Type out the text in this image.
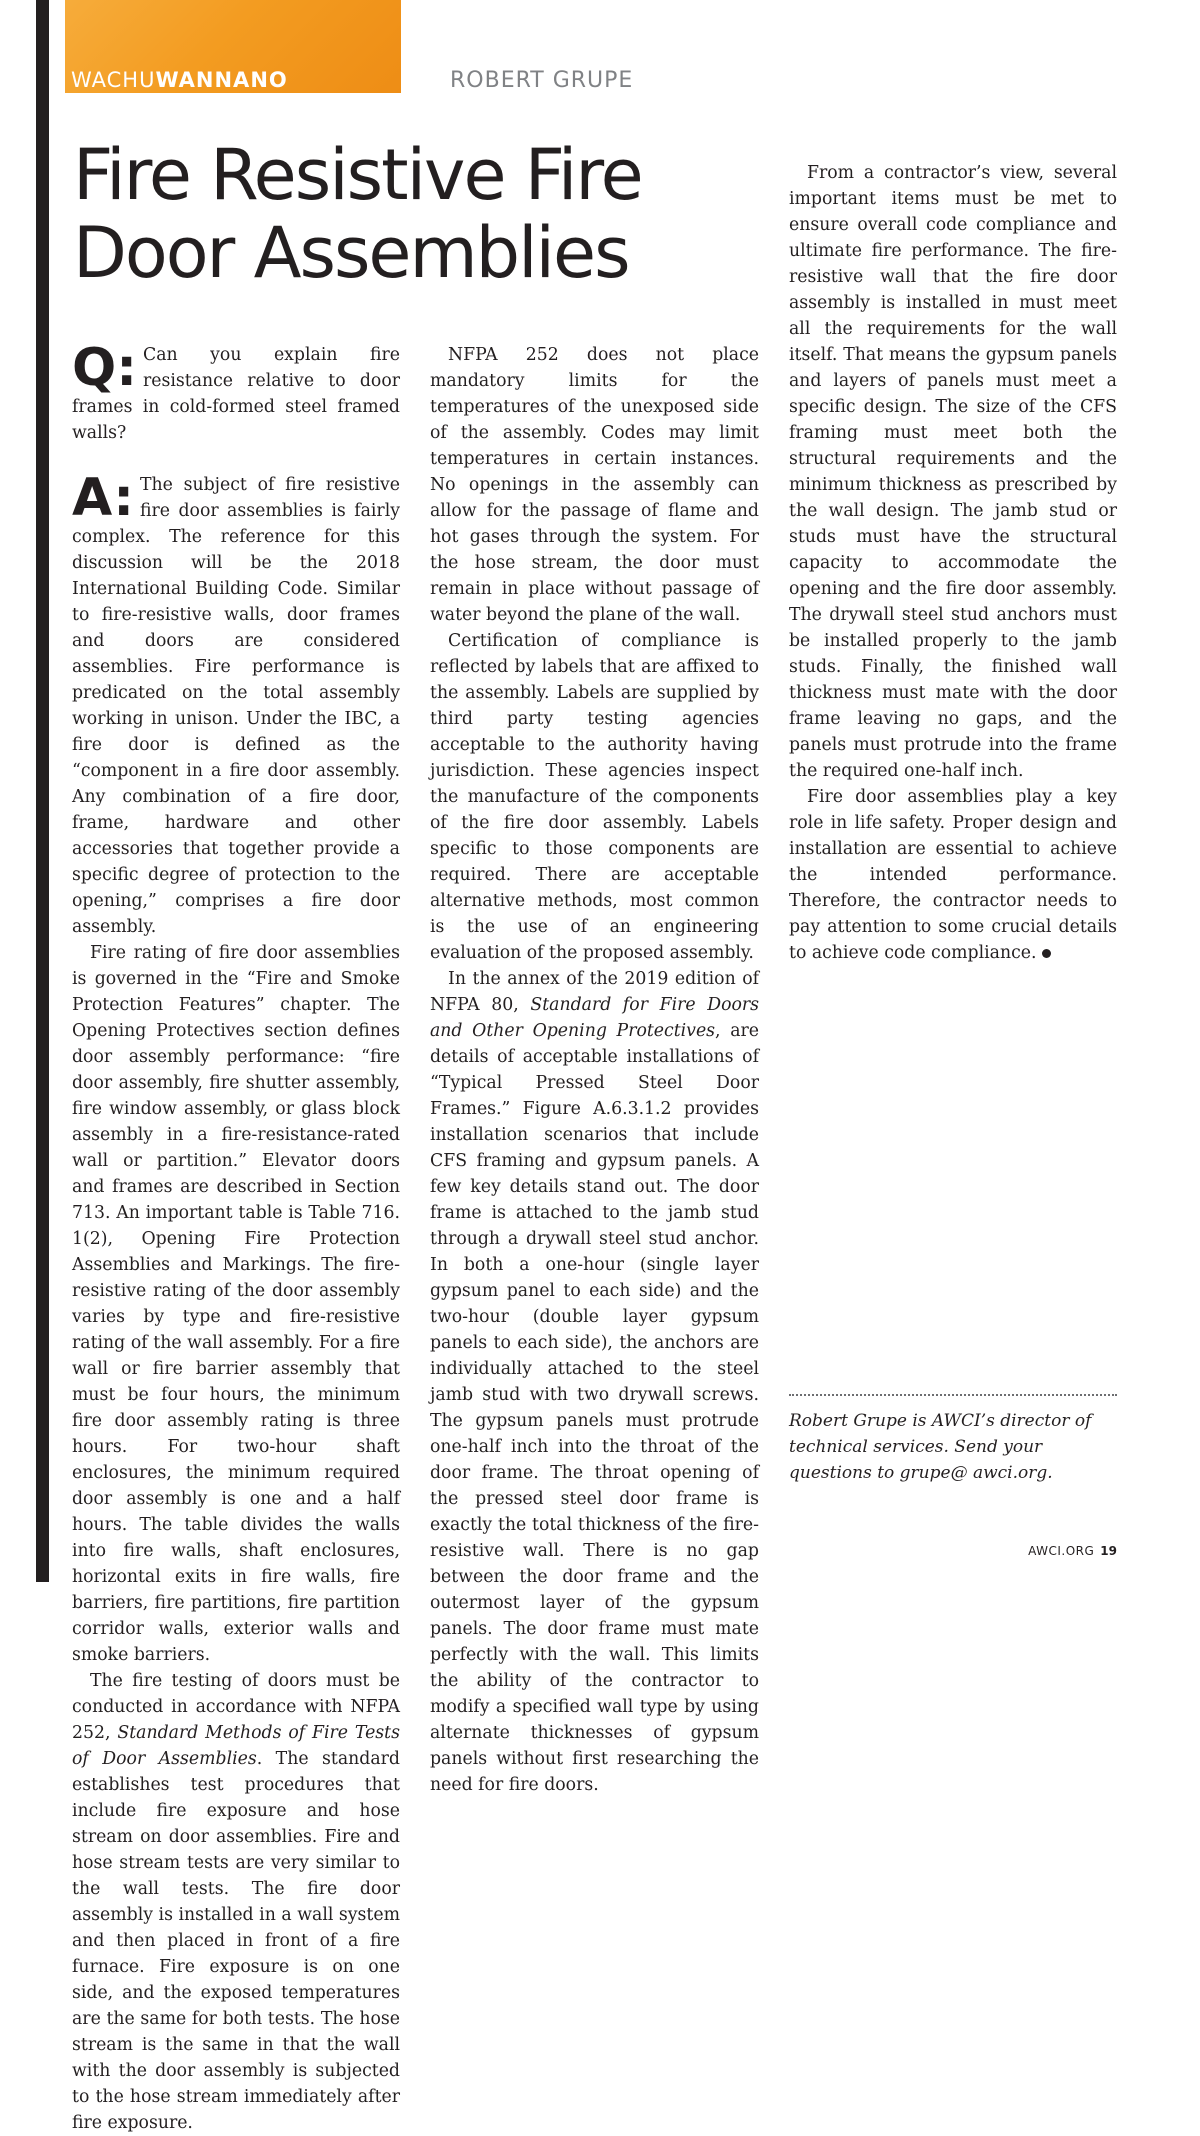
WACHUWANNANO	ROBERT GRUPE
Fire Resistive Fire Door Assemblies
Q: Can you explain fire resistance relative to door frames in cold-formed steel framed walls?

A: The subject of fire resistive fire door assemblies is fairly complex. The reference for this discussion will be the 2018 International Building Code. Similar to fire-resistive walls, door frames and doors are considered assemblies. Fire performance is predicated on the total assembly working in unison. Under the IBC, a fire door is defined as the “component in a fire door assembly. Any combination of a fire door, frame, hardware and other accessories that together provide a specific degree of protection to the opening,” comprises a fire door assembly.

Fire rating of fire door assemblies is governed in the “Fire and Smoke Protection Features” chapter. The Opening Protectives section defines door assembly performance: “fire door assembly, fire shutter assembly, fire window assembly, or glass block assembly in a fire-resistance-rated wall or partition.” Elevator doors and frames are described in Section 713. An important table is Table 716. 1(2), Opening Fire Protection Assemblies and Markings. The fire-resistive rating of the door assembly varies by type and fire-resistive rating of the wall assembly. For a fire wall or fire barrier assembly that must be four hours, the minimum fire door assembly rating is three hours. For two-hour shaft enclosures, the minimum required door assembly is one and a half hours. The table divides the walls into fire walls, shaft enclosures, horizontal exits in fire walls, fire barriers, fire partitions, fire partition corridor walls, exterior walls and smoke barriers.

The fire testing of doors must be conducted in accordance with NFPA 252, Standard Methods of Fire Tests of Door Assemblies. The standard establishes test procedures that include fire exposure and hose stream on door assemblies. Fire and hose stream tests are very similar to the wall tests. The fire door assembly is installed in a wall system and then placed in front of a fire furnace. Fire exposure is on one side, and the exposed temperatures are the same for both tests. The hose stream is the same in that the wall with the door assembly is subjected to the hose stream immediately after fire exposure.

NFPA 252 does not place mandatory limits for the temperatures of the unexposed side of the assembly. Codes may limit temperatures in certain instances. No openings in the assembly can allow for the passage of flame and hot gases through the system. For the hose stream, the door must remain in place without passage of water beyond the plane of the wall.

Certification of compliance is reflected by labels that are affixed to the assembly. Labels are supplied by third party testing agencies acceptable to the authority having jurisdiction. These agencies inspect the manufacture of the components of the fire door assembly. Labels specific to those components are required. There are acceptable alternative methods, most common is the use of an engineering evaluation of the proposed assembly.

In the annex of the 2019 edition of NFPA 80, Standard for Fire Doors and Other Opening Protectives, are details of acceptable installations of “Typical Pressed Steel Door Frames.” Figure A.6.3.1.2 provides installation scenarios that include CFS framing and gypsum panels. A few key details stand out. The door frame is attached to the jamb stud through a drywall steel stud anchor. In both a one-hour (single layer gypsum panel to each side) and the two-hour (double layer gypsum panels to each side), the anchors are individually attached to the steel jamb stud with two drywall screws. The gypsum panels must protrude one-half inch into the throat of the door frame. The throat opening of the pressed steel door frame is exactly the total thickness of the fire-resistive wall. There is no gap between the door frame and the outermost layer of the gypsum panels. The door frame must mate perfectly with the wall. This limits the ability of the contractor to modify a specified wall type by using alternate thicknesses of gypsum panels without first researching the need for fire doors.

From a contractor’s view, several important items must be met to ensure overall code compliance and ultimate fire performance. The fire-resistive wall that the fire door assembly is installed in must meet all the requirements for the wall itself. That means the gypsum panels and layers of panels must meet a specific design. The size of the CFS framing must meet both the structural requirements and the minimum thickness as prescribed by the wall design. The jamb stud or studs must have the structural capacity to accommodate the opening and the fire door assembly. The drywall steel stud anchors must be installed properly to the jamb studs. Finally, the finished wall thickness must mate with the door frame leaving no gaps, and the panels must protrude into the frame the required one-half inch.

Fire door assemblies play a key role in life safety. Proper design and installation are essential to achieve the intended performance. Therefore, the contractor needs to pay attention to some crucial details to achieve code compliance.

Robert Grupe is AWCI’s director of technical services. Send your questions to grupe@ awci.org.

AWCI.ORG 19
